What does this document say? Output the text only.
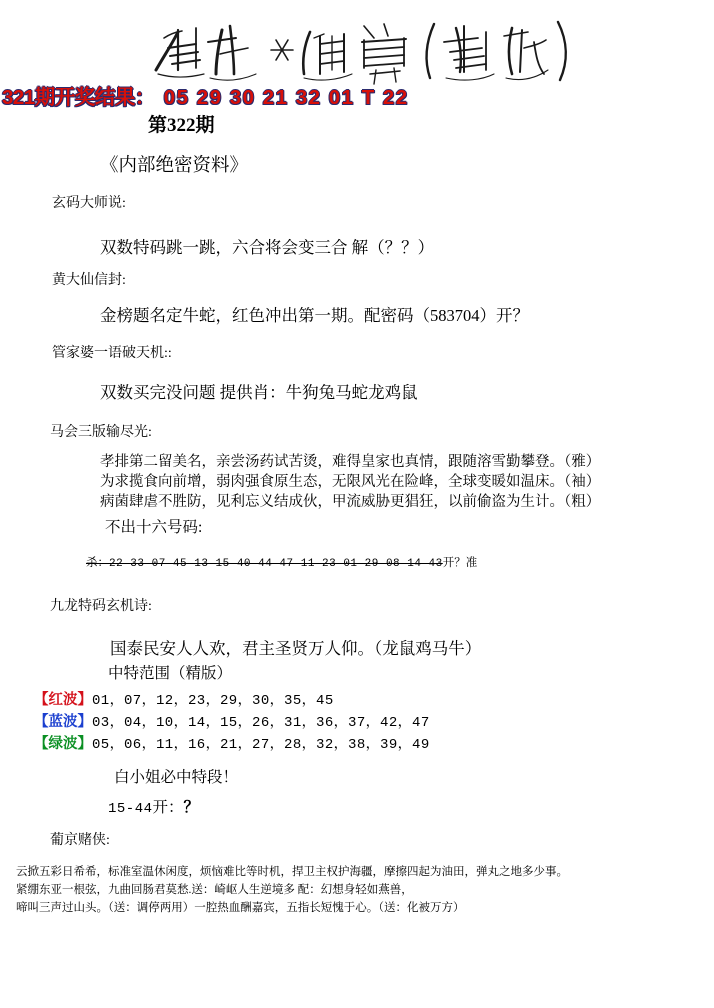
321期开奖结果： 05 29 30 21 32 01 T 22
第322期
《内部绝密资料》
玄码大师说:
双数特码跳一跳，六合将会变三合 解（？？）
黄大仙信封:
金榜题名定牛蛇，红色冲出第一期。配密码（583704）开？
管家婆一语破天机::
双数买完没问题 提供肖：牛狗兔马蛇龙鸡鼠
马会三版输尽光:
孝排第二留美名，亲尝汤药试苦烫，难得皇家也真情，跟随溶雪勤攀登。（雅）
为求揽食向前增，弱肉强食原生态，无限风光在险峰，全球变暖如温床。（袖）
病菌肆虐不胜防，见利忘义结成伙，甲流威胁更猖狂，以前偷盗为生计。（粗）
不出十六号码:
杀：22 33 07 45 13 15 40 44 47 11 23 01 29 08 14 43开？准
九龙特码玄机诗:
国泰民安人人欢，君主圣贤万人仰。（龙鼠鸡马牛）
中特范围（精版）
【红波】01，07，12，23，29，30，35，45
【蓝波】03，04，10，14，15，26，31，36，37，42，47
【绿波】05，06，11，16，21，27，28，32，38，39，49
白小姐必中特段！
15-44开：？
葡京赌侠:
云掀五彩日希希，标准室温休闲度，烦恼难比等时机，捍卫主权护海疆，摩擦四起为油田，弹丸之地多少事。
紧绷东亚一根弦，九曲回肠君莫愁.送：崎岖人生逆境多 配：幻想身轻如燕兽，
啼叫三声过山头。（送：调停两用）一腔热血酬嘉宾，五指长短愧于心。（送：化被万方）
